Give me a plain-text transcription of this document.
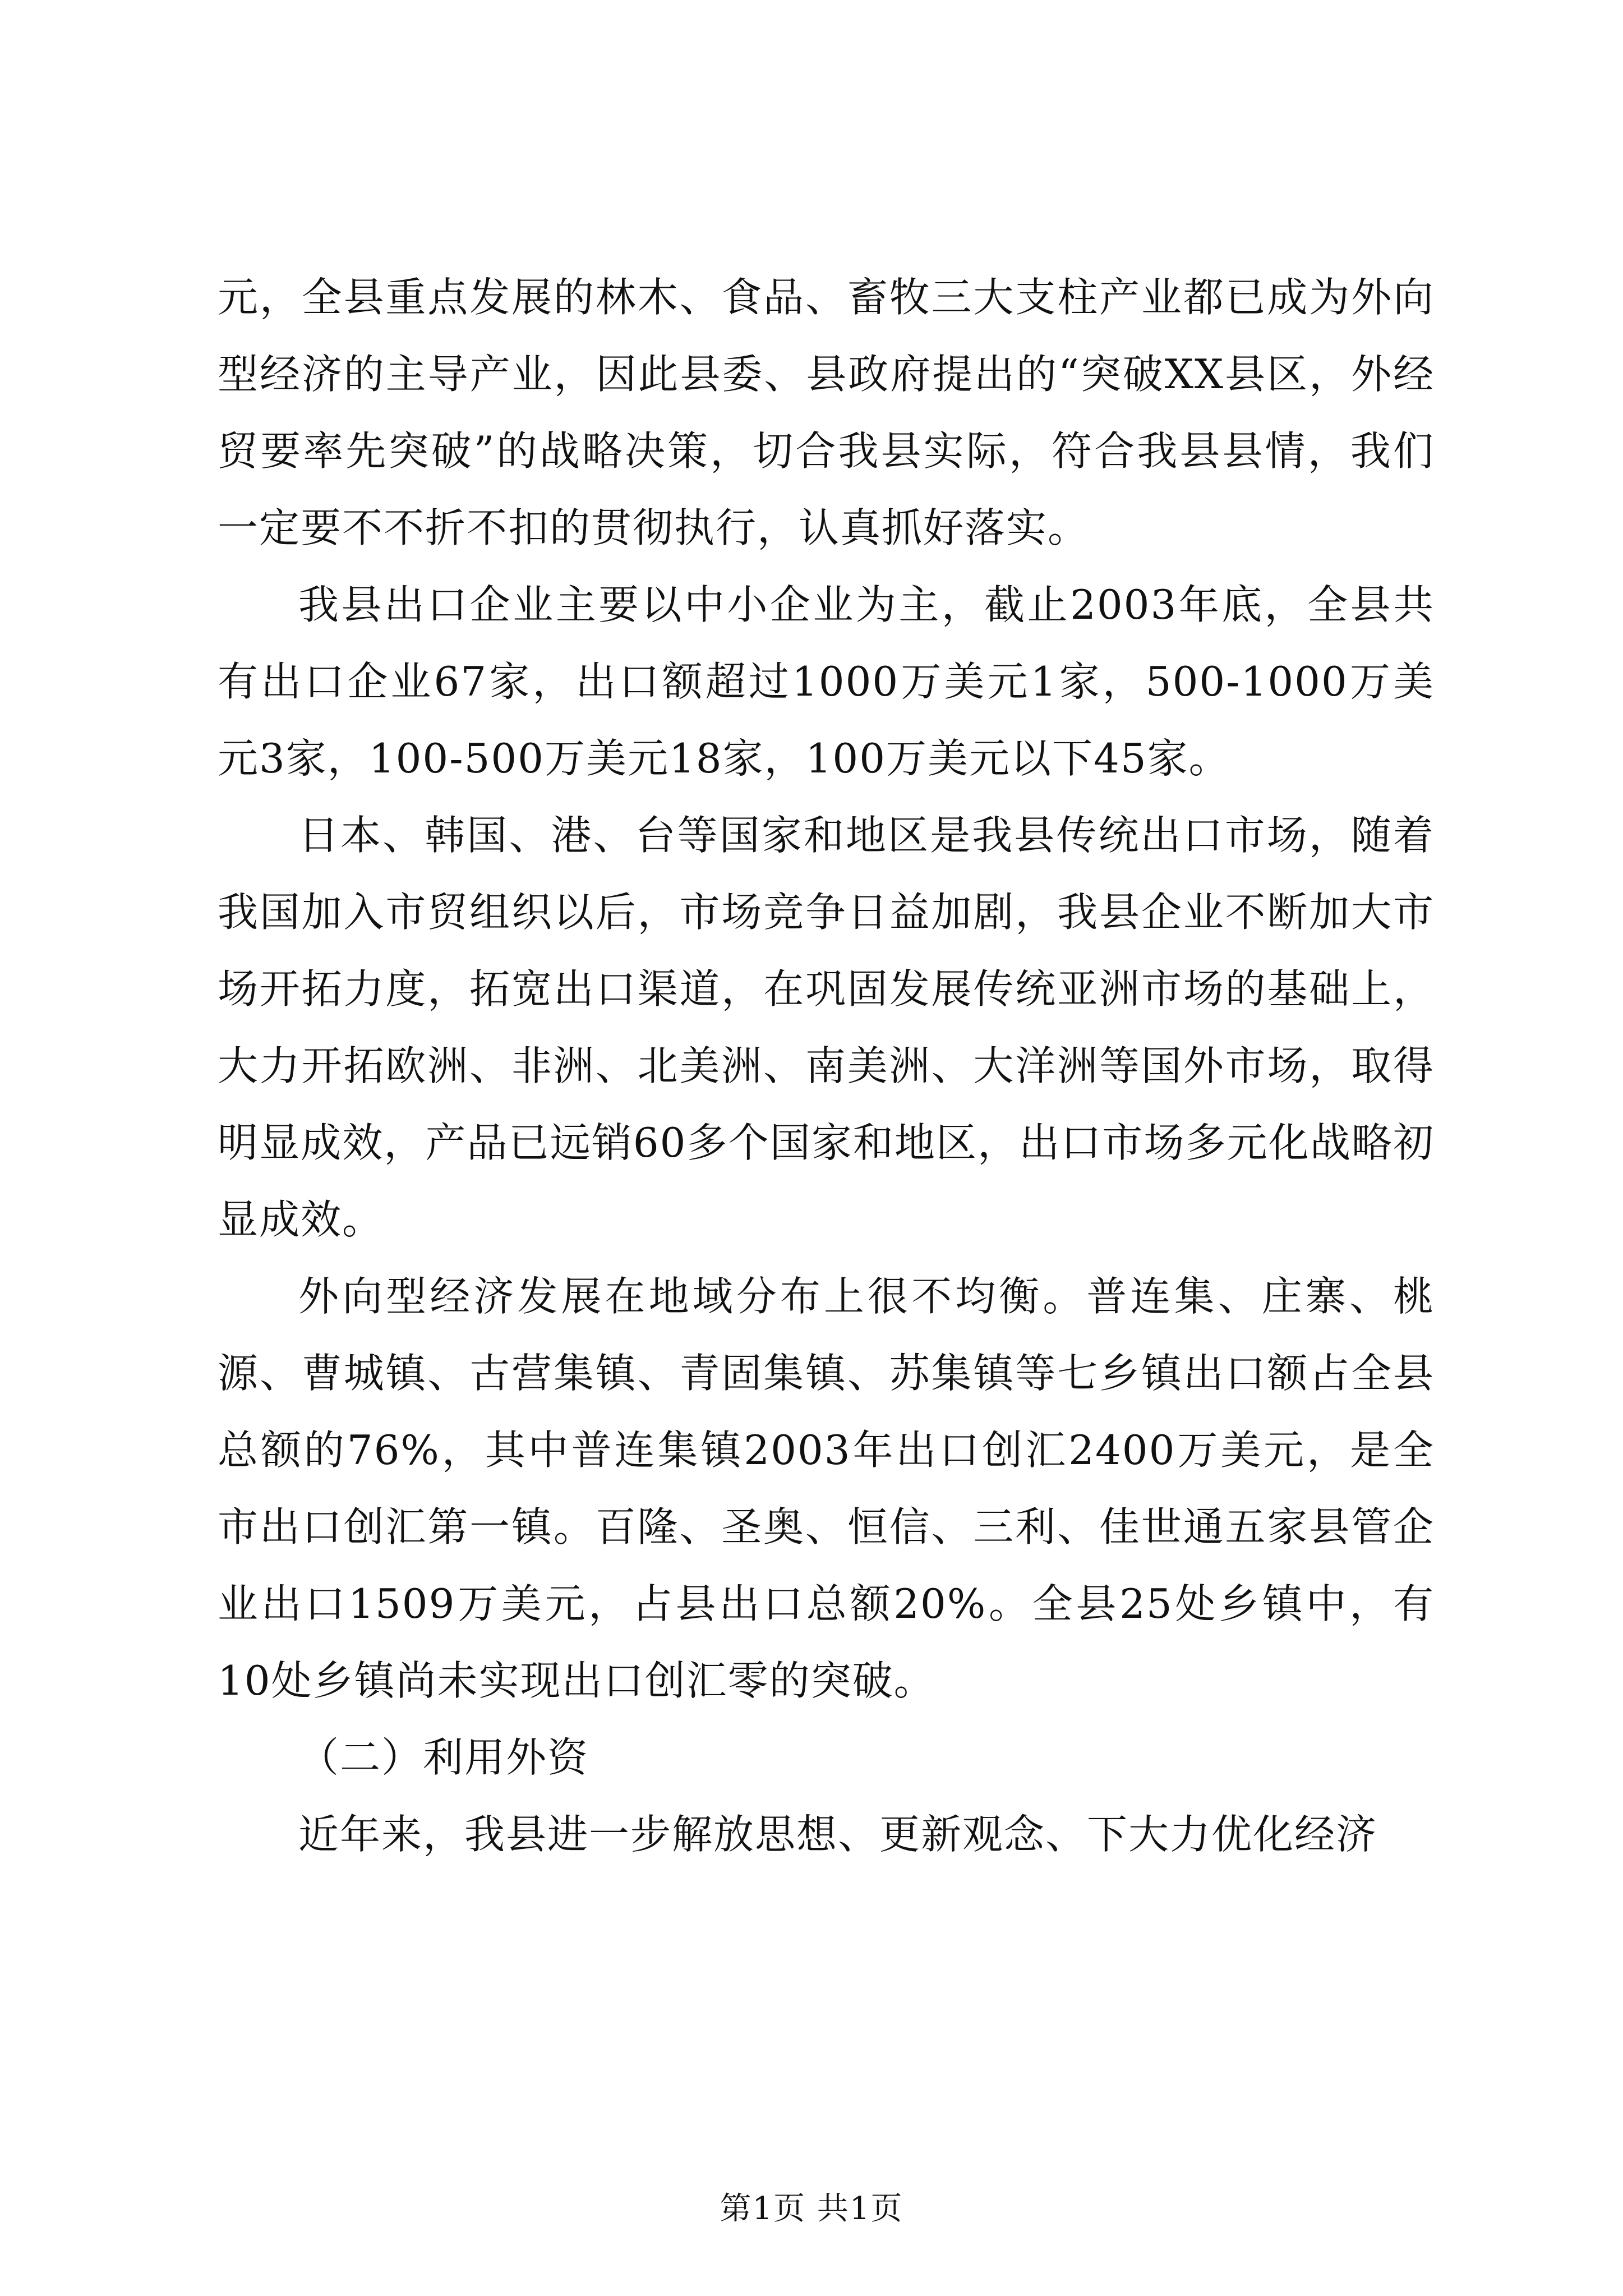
元，全县重点发展的林木、食品、畜牧三大支柱产业都已成为外向型经济的主导产业，因此县委、县政府提出的“突破XX县区，外经贸要率先突破”的战略决策，切合我县实际，符合我县县情，我们一定要不不折不扣的贯彻执行，认真抓好落实。

我县出口企业主要以中小企业为主，截止2003年底，全县共有出口企业67家，出口额超过1000万美元1家，500-1000万美元3家，100-500万美元18家，100万美元以下45家。

日本、韩国、港、台等国家和地区是我县传统出口市场，随着我国加入市贸组织以后，市场竞争日益加剧，我县企业不断加大市场开拓力度，拓宽出口渠道，在巩固发展传统亚洲市场的基础上，大力开拓欧洲、非洲、北美洲、南美洲、大洋洲等国外市场，取得明显成效，产品已远销60多个国家和地区，出口市场多元化战略初显成效。

外向型经济发展在地域分布上很不均衡。普连集、庄寨、桃源、曹城镇、古营集镇、青固集镇、苏集镇等七乡镇出口额占全县总额的76%，其中普连集镇2003年出口创汇2400万美元，是全市出口创汇第一镇。百隆、圣奥、恒信、三利、佳世通五家县管企业出口1509万美元，占县出口总额20%。全县25处乡镇中，有10处乡镇尚未实现出口创汇零的突破。

（二）利用外资

近年来，我县进一步解放思想、更新观念、下大力优化经济

第1页 共1页
